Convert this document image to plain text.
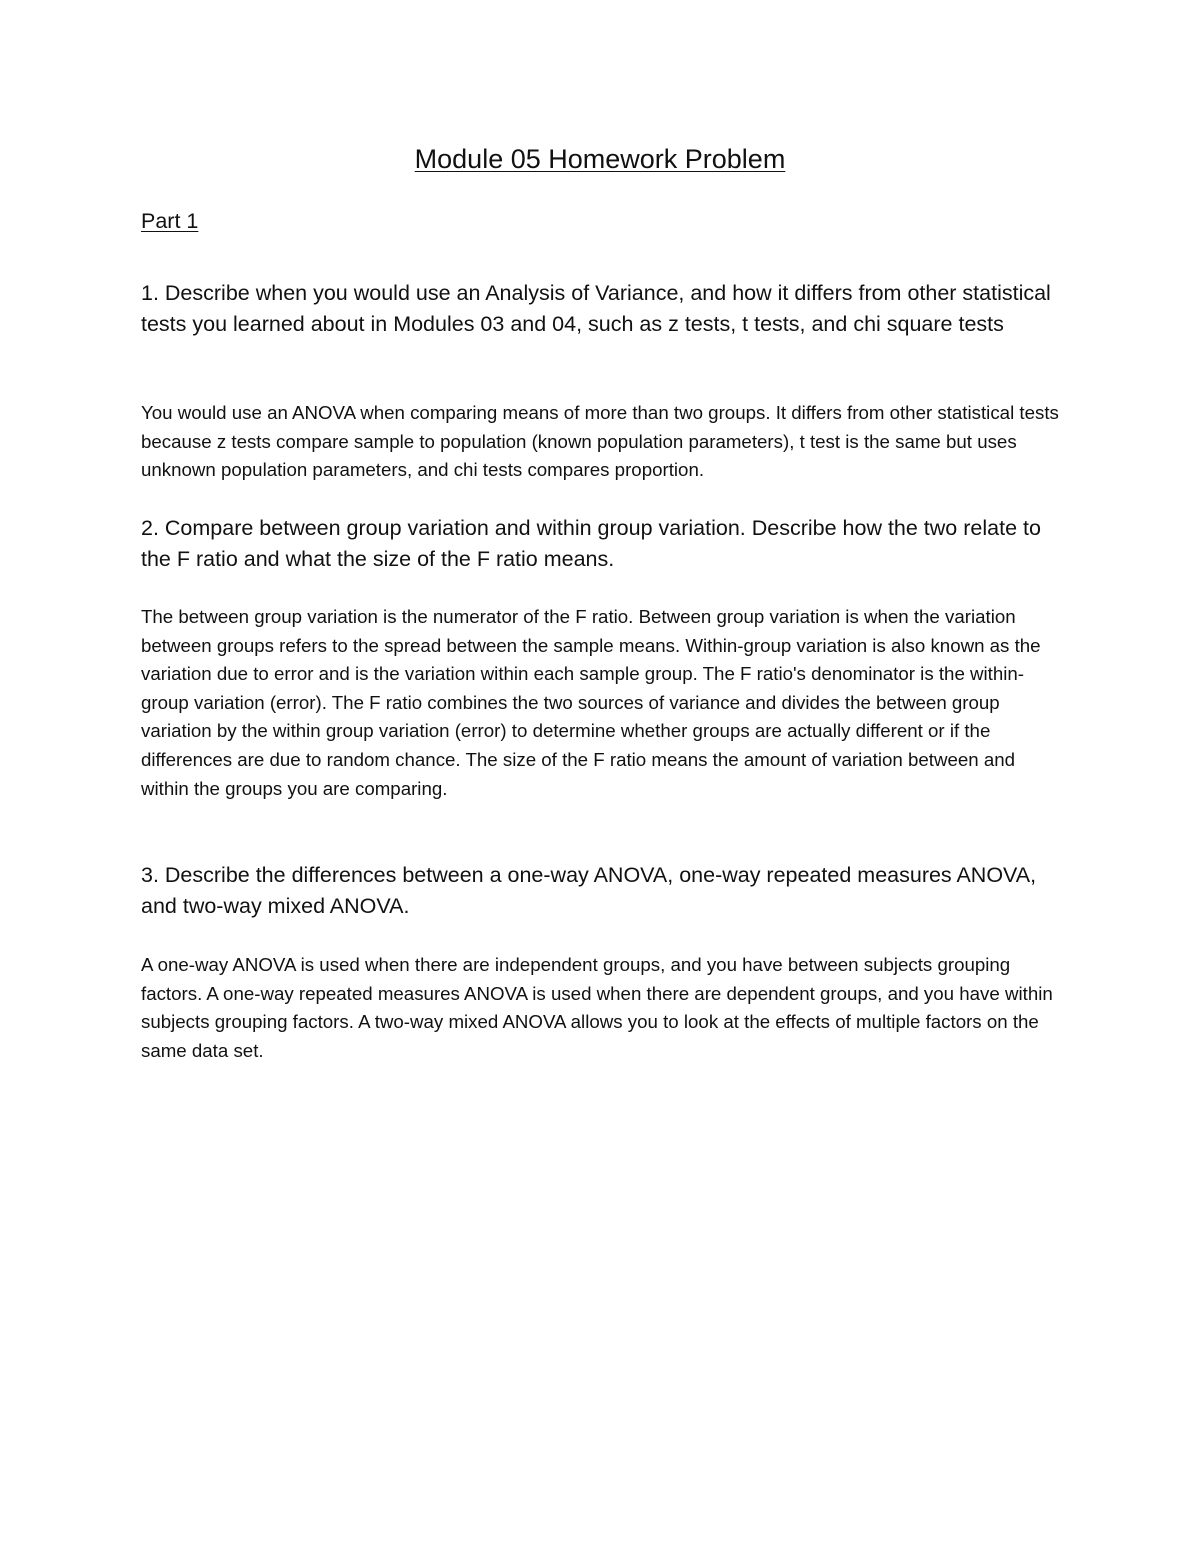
Module 05 Homework Problem
Part 1

1. Describe when you would use an Analysis of Variance, and how it differs from other statistical tests you learned about in Modules 03 and 04, such as z tests, t tests, and chi square tests

You would use an ANOVA when comparing means of more than two groups. It differs from other statistical tests because z tests compare sample to population (known population parameters), t test is the same but uses unknown population parameters, and chi tests compares proportion.

2. Compare between group variation and within group variation. Describe how the two relate to the F ratio and what the size of the F ratio means.

The between group variation is the numerator of the F ratio. Between group variation is when the variation between groups refers to the spread between the sample means. Within-group variation is also known as the variation due to error and is the variation within each sample group. The F ratio's denominator is the within-group variation (error). The F ratio combines the two sources of variance and divides the between group variation by the within group variation (error) to determine whether groups are actually different or if the differences are due to random chance. The size of the F ratio means the amount of variation between and within the groups you are comparing.

3. Describe the differences between a one-way ANOVA, one-way repeated measures ANOVA, and two-way mixed ANOVA.

A one-way ANOVA is used when there are independent groups, and you have between subjects grouping factors. A one-way repeated measures ANOVA is used when there are dependent groups, and you have within subjects grouping factors. A two-way mixed ANOVA allows you to look at the effects of multiple factors on the same data set.
